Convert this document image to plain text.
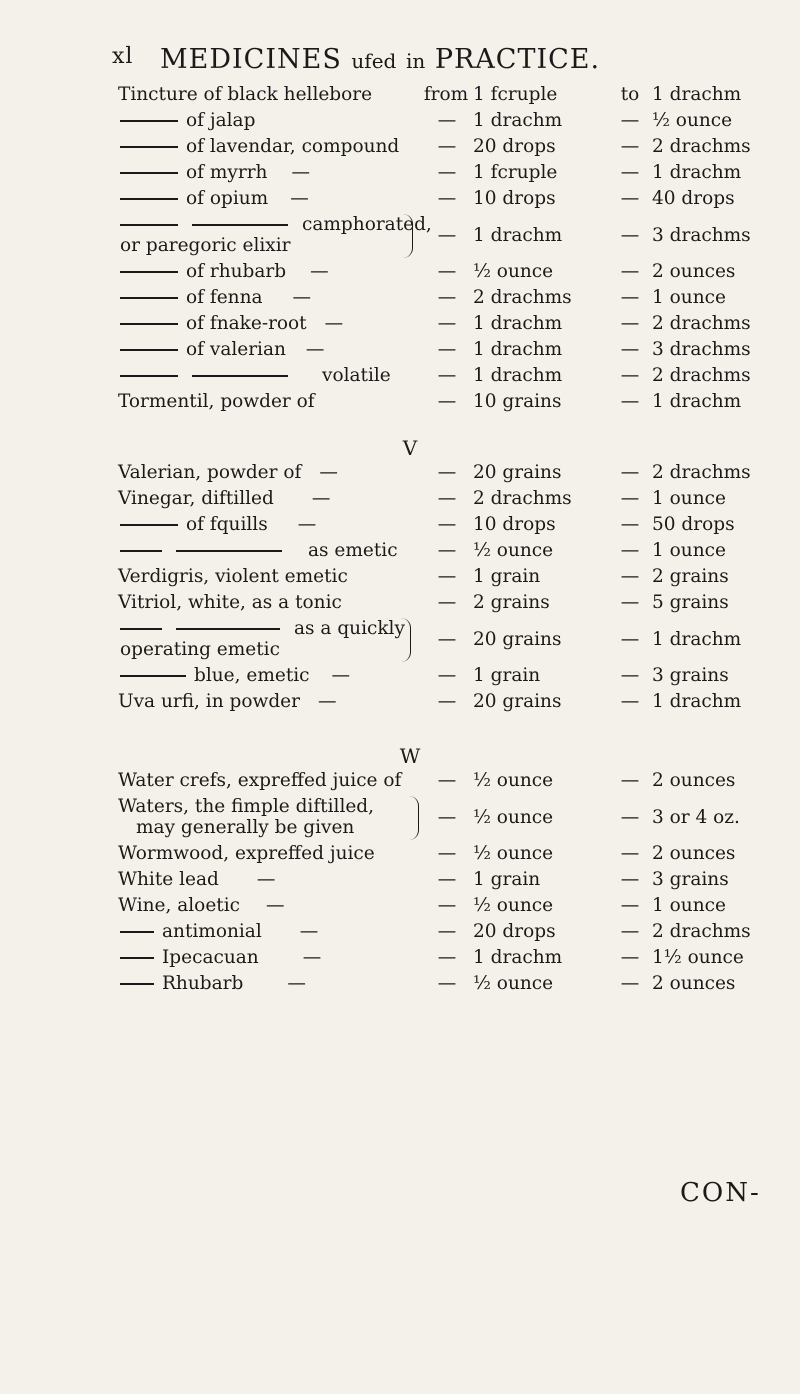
xl MEDICINES ufed in PRACTICE.
Tincture of black hellebore	from 1 fcruple	to 1 drachm
of jalap	— 1 drachm	— ½ ounce
of lavendar, compound	— 20 drops	— 2 drachms
of myrrh —	— 1 fcruple	— 1 drachm
of opium —	— 10 drops	— 40 drops
camphorated,
or paregoric elixir	— 1 drachm	— 3 drachms
of rhubarb —	— ½ ounce	— 2 ounces
of fenna —	— 2 drachms	— 1 ounce
of fnake-root —	— 1 drachm	— 2 drachms
of valerian —	— 1 drachm	— 3 drachms
volatile	— 1 drachm	— 2 drachms
Tormentil, powder of	— 10 grains	— 1 drachm
V
Valerian, powder of —	— 20 grains	— 2 drachms
Vinegar, diftilled —	— 2 drachms	— 1 ounce
of fquills —	— 10 drops	— 50 drops
as emetic	— ½ ounce	— 1 ounce
Verdigris, violent emetic	— 1 grain	— 2 grains
Vitriol, white, as a tonic	— 2 grains	— 5 grains
as a quickly
operating emetic	— 20 grains	— 1 drachm
blue, emetic —	— 1 grain	— 3 grains
Uva urfi, in powder —	— 20 grains	— 1 drachm
W
Water crefs, expreffed juice of	— ½ ounce	— 2 ounces
Waters, the fimple diftilled,
may generally be given	— ½ ounce	— 3 or 4 oz.
Wormwood, expreffed juice	— ½ ounce	— 2 ounces
White lead —	— 1 grain	— 3 grains
Wine, aloetic —	— ½ ounce	— 1 ounce
antimonial —	— 20 drops	— 2 drachms
Ipecacuan —	— 1 drachm	— 1½ ounce
Rhubarb —	— ½ ounce	— 2 ounces
CON-
